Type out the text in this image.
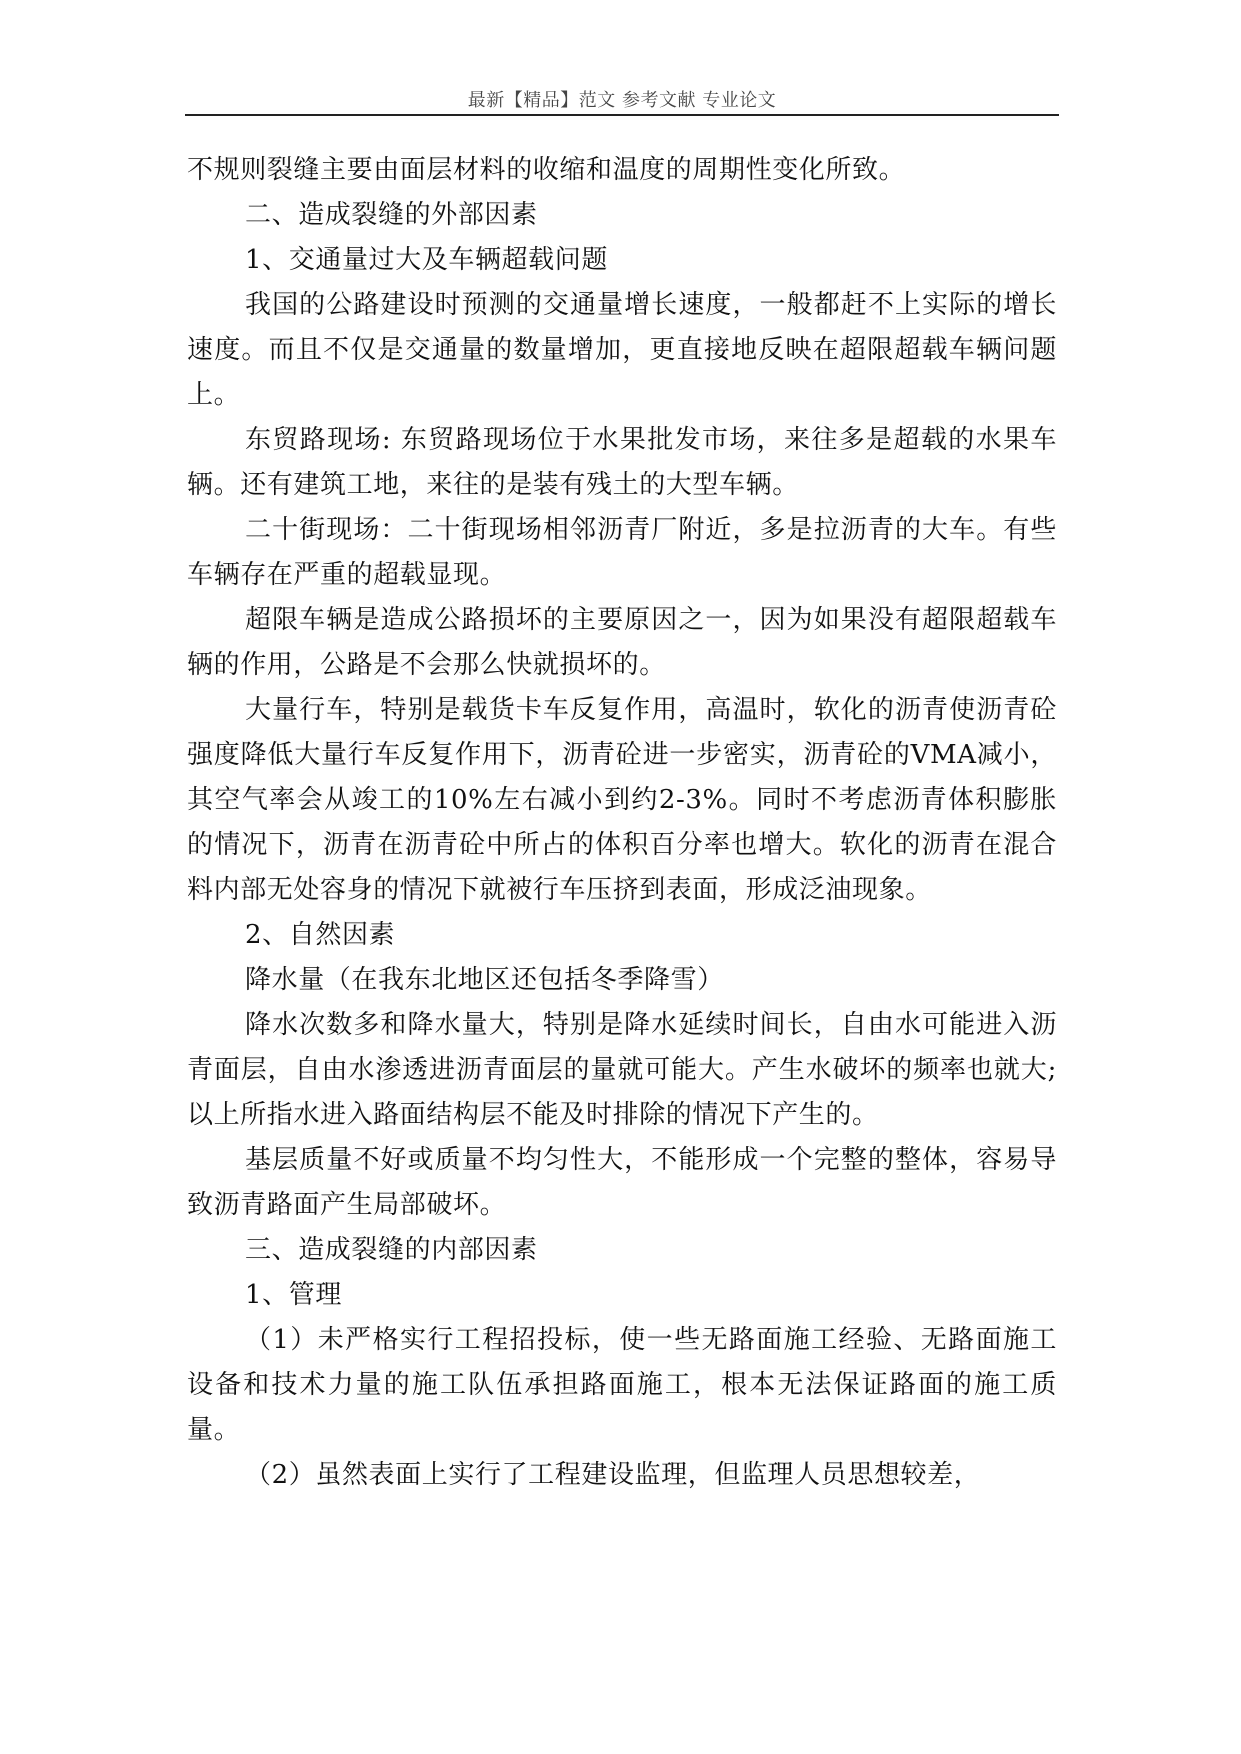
最新【精品】范文 参考文献 专业论文

不规则裂缝主要由面层材料的收缩和温度的周期性变化所致。

二、造成裂缝的外部因素

1、交通量过大及车辆超载问题

我国的公路建设时预测的交通量增长速度，一般都赶不上实际的增长速度。而且不仅是交通量的数量增加，更直接地反映在超限超载车辆问题上。

东贸路现场: 东贸路现场位于水果批发市场，来往多是超载的水果车辆。还有建筑工地，来往的是装有残土的大型车辆。

二十街现场：二十街现场相邻沥青厂附近，多是拉沥青的大车。有些车辆存在严重的超载显现。

超限车辆是造成公路损坏的主要原因之一，因为如果没有超限超载车辆的作用，公路是不会那么快就损坏的。

大量行车，特别是载货卡车反复作用，高温时，软化的沥青使沥青砼强度降低大量行车反复作用下，沥青砼进一步密实，沥青砼的VMA减小，其空气率会从竣工的10%左右减小到约2-3%。同时不考虑沥青体积膨胀的情况下，沥青在沥青砼中所占的体积百分率也增大。软化的沥青在混合料内部无处容身的情况下就被行车压挤到表面，形成泛油现象。

2、自然因素

降水量（在我东北地区还包括冬季降雪）

降水次数多和降水量大，特别是降水延续时间长，自由水可能进入沥青面层，自由水渗透进沥青面层的量就可能大。产生水破坏的频率也就大; 以上所指水进入路面结构层不能及时排除的情况下产生的。

基层质量不好或质量不均匀性大，不能形成一个完整的整体，容易导致沥青路面产生局部破坏。

三、造成裂缝的内部因素

1、管理

（1）未严格实行工程招投标，使一些无路面施工经验、无路面施工设备和技术力量的施工队伍承担路面施工，根本无法保证路面的施工质量。

（2）虽然表面上实行了工程建设监理，但监理人员思想较差，
